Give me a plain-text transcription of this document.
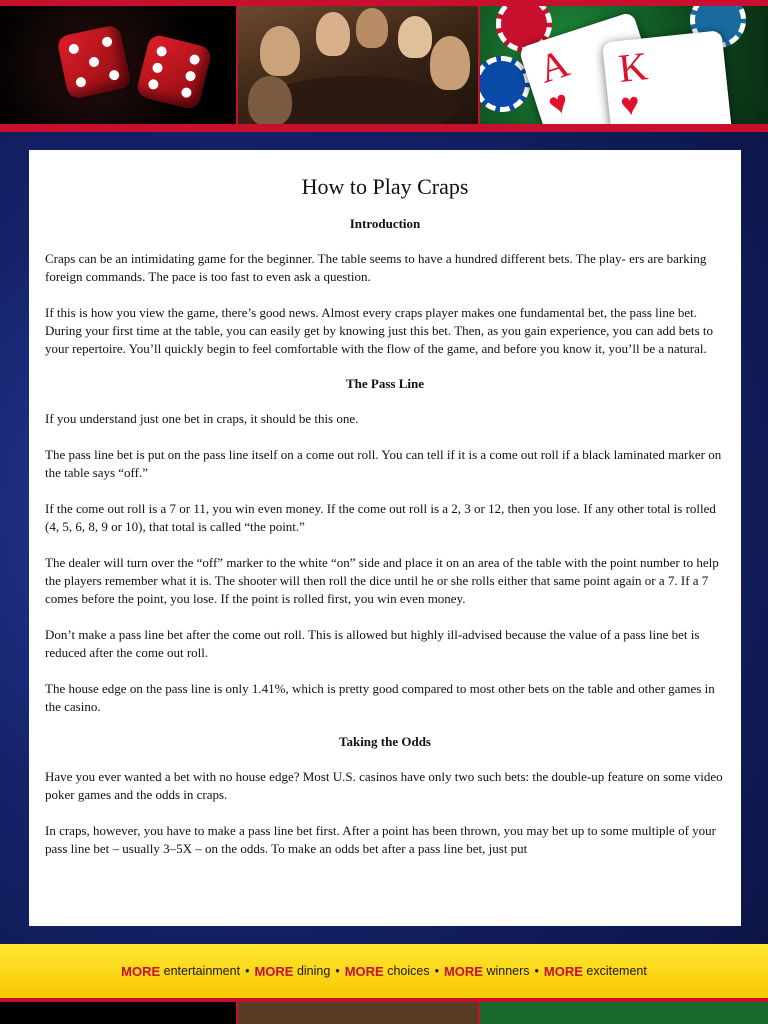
A
♥
K
♥
How to Play Craps
Introduction

Craps can be an intimidating game for the beginner. The table seems to have a hundred different bets. The play- ers are barking foreign commands. The pace is too fast to even ask a question.

If this is how you view the game, there’s good news. Almost every craps player makes one fundamental bet, the pass line bet. During your first time at the table, you can easily get by knowing just this bet. Then, as you gain experience, you can add bets to your repertoire. You’ll quickly begin to feel comfortable with the flow of the game, and before you know it, you’ll be a natural.

The Pass Line

If you understand just one bet in craps, it should be this one.

The pass line bet is put on the pass line itself on a come out roll. You can tell if it is a come out roll if a black laminated marker on the table says “off.”

If the come out roll is a 7 or 11, you win even money. If the come out roll is a 2, 3 or 12, then you lose. If any other total is rolled (4, 5, 6, 8, 9 or 10), that total is called “the point.”

The dealer will turn over the “off” marker to the white “on” side and place it on an area of the table with the point number to help the players remember what it is. The shooter will then roll the dice until he or she rolls either that same point again or a 7. If a 7 comes before the point, you lose. If the point is rolled first, you win even money.

Don’t make a pass line bet after the come out roll. This is allowed but highly ill-advised because the value of a pass line bet is reduced after the come out roll.

The house edge on the pass line is only 1.41%, which is pretty good compared to most other bets on the table and other games in the casino.

Taking the Odds

Have you ever wanted a bet with no house edge? Most U.S. casinos have only two such bets: the double-up feature on some video poker games and the odds in craps.

In craps, however, you have to make a pass line bet first. After a point has been thrown, you may bet up to some multiple of your pass line bet – usually 3–5X – on the odds. To make an odds bet after a pass line bet, just put

MORE
entertainment • MORE
dining • MORE
choices • MORE
winners • MORE
excitement
